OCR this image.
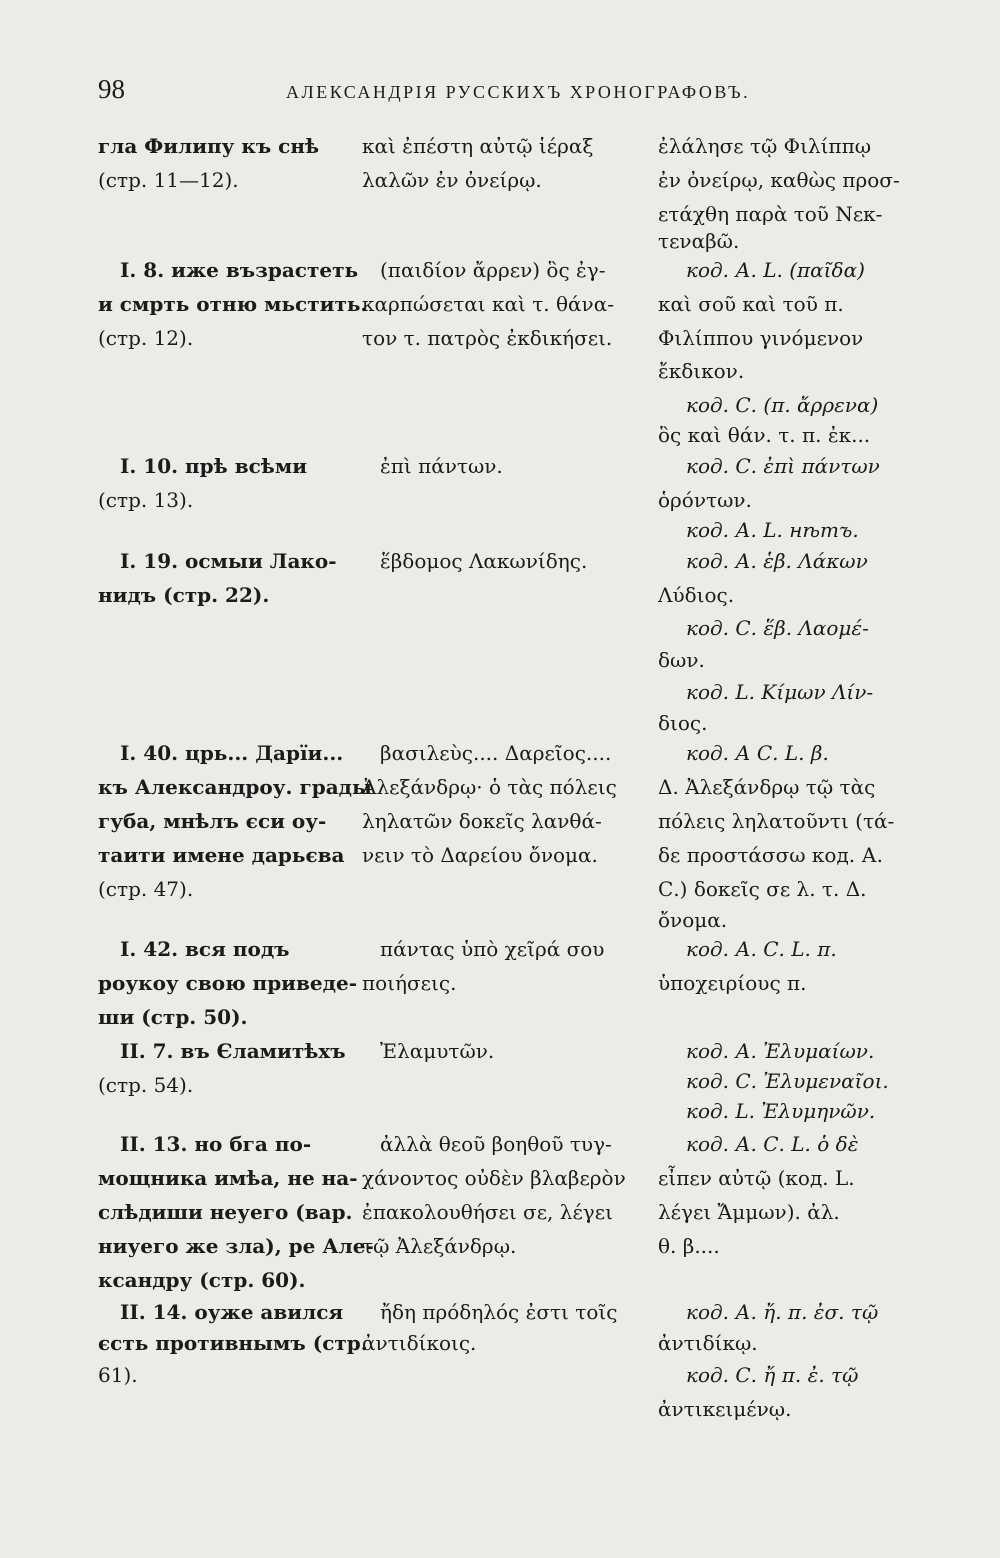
98	АЛЕКСАНДРІЯ РУССКИХЪ ХРОНОГРАФОВЪ.
гла Филипу къ снѣ
(стр. 11—12).
I. 8. иже възрастеть
и смрть отню мьстить.
(стр. 12).
I. 10. прѣ всѣми
(стр. 13).
I. 19. осмыи Лако-
нидъ (стр. 22).
I. 40. црь... Дарїи...
къ Александроу. грады
губа, мнѣлъ єси оу-
таити имене дарьєва
(стр. 47).
I. 42. вся подъ
роукоу свою приведе-
ши (стр. 50).
II. 7. въ Єламитѣхъ
(стр. 54).
II. 13. но бга по-
мощника имѣа, не на-
слѣдиши неуего (вар.
ниуего же зла), ре Але-
ксандру (стр. 60).
II. 14. оуже авился
єсть противнымъ (стр.
61).
καὶ ἐπέστη αὐτῷ ἱέραξ
λαλῶν ἐν ὀνείρῳ.
(παιδίον ἄρρεν) ὃς ἐγ-
καρπώσεται καὶ τ. θάνα-
τον τ. πατρὸς ἐκδικήσει.
ἐπὶ πάντων.
ἕβδομος Λακωνίδης.
βασιλεὺς.... Δαρεῖος....
Ἀλεξάνδρῳ· ὁ τὰς πόλεις
ληλατῶν δοκεῖς λανθά-
νειν τὸ Δαρείου ὄνομα.
πάντας ὑπὸ χεῖρά σου
ποιήσεις.
Ἐλαμυτῶν.
ἀλλὰ θεοῦ βοηθοῦ τυγ-
χάνοντος οὐδὲν βλαβερὸν
ἐπακολουθήσει σε, λέγει
τῷ Ἀλεξάνδρῳ.
ἤδη πρόδηλός ἐστι τοῖς
ἀντιδίκοις.
ἐλάλησε τῷ Φιλίππῳ
ἐν ὀνείρῳ, καθὼς προσ-
ετάχθη παρὰ τοῦ Νεκ-
τεναβῶ.
код. А. L. (παῖδα)
καὶ σοῦ καὶ τοῦ π.
Φιλίππου γινόμενον
ἔκδικον.
код. С. (π. ἄρρενα)
ὃς καὶ θάν. τ. π. ἐκ...
код. С. ἐπὶ πάντων
ὁρόντων.
код. А. L. нѣтъ.
код. А. ἑβ. Λάκων
Λύδιος.
код. С. ἕβ. Λαομέ-
δων.
код. L. Κίμων Λίν-
διος.
код. А С. L. β.
Δ. Ἀλεξάνδρῳ τῷ τὰς
πόλεις ληλατοῦντι (τά-
δε προστάσσω код. А.
С.) δοκεῖς σε λ. τ. Δ.
ὄνομα.
код. А. С. L. π.
ὑποχειρίους π.
код. А. Ἐλυμαίων.
код. С. Ἐλυμεναῖοι.
код. L. Ἐλυμηνῶν.
код. А. С. L. ὁ δὲ
εἶπεν αὐτῷ (код. L.
λέγει Ἄμμων). ἀλ.
θ. β....
код. А. ἤ. π. ἐσ. τῷ
ἀντιδίκῳ.
код. С. ἤ π. ἐ. τῷ
ἀντικειμένῳ.
